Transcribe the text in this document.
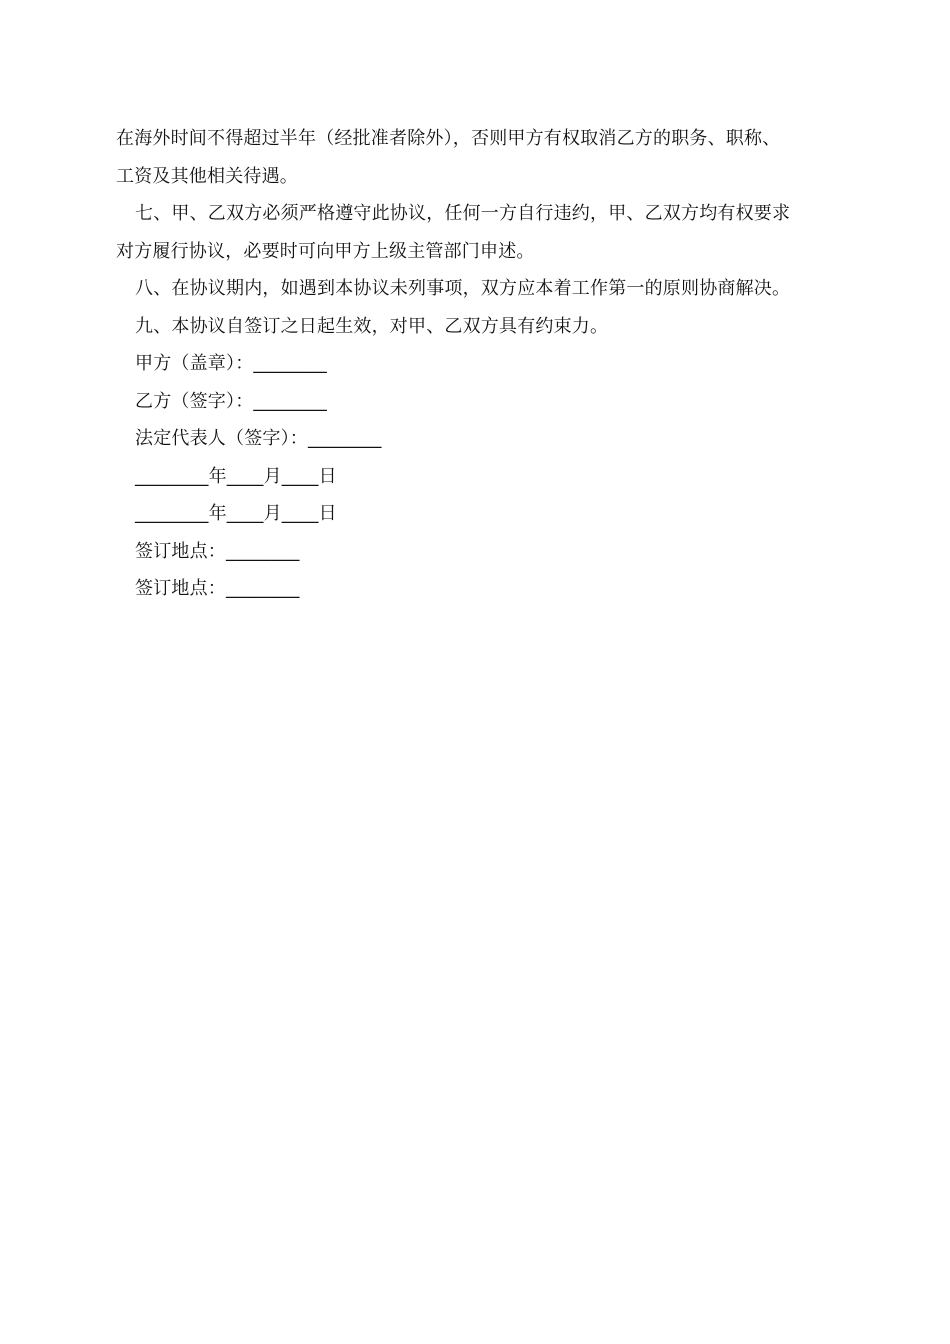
在海外时间不得超过半年（经批准者除外），否则甲方有权取消乙方的职务、职称、
工资及其他相关待遇。
七、甲、乙双方必须严格遵守此协议，任何一方自行违约，甲、乙双方均有权要求
对方履行协议，必要时可向甲方上级主管部门申述。
八、在协议期内，如遇到本协议未列事项，双方应本着工作第一的原则协商解决。
九、本协议自签订之日起生效，对甲、乙双方具有约束力。
甲方（盖章）：________
乙方（签字）：________
法定代表人（签字）：________
________年____月____日
________年____月____日
签订地点：________
签订地点：________
